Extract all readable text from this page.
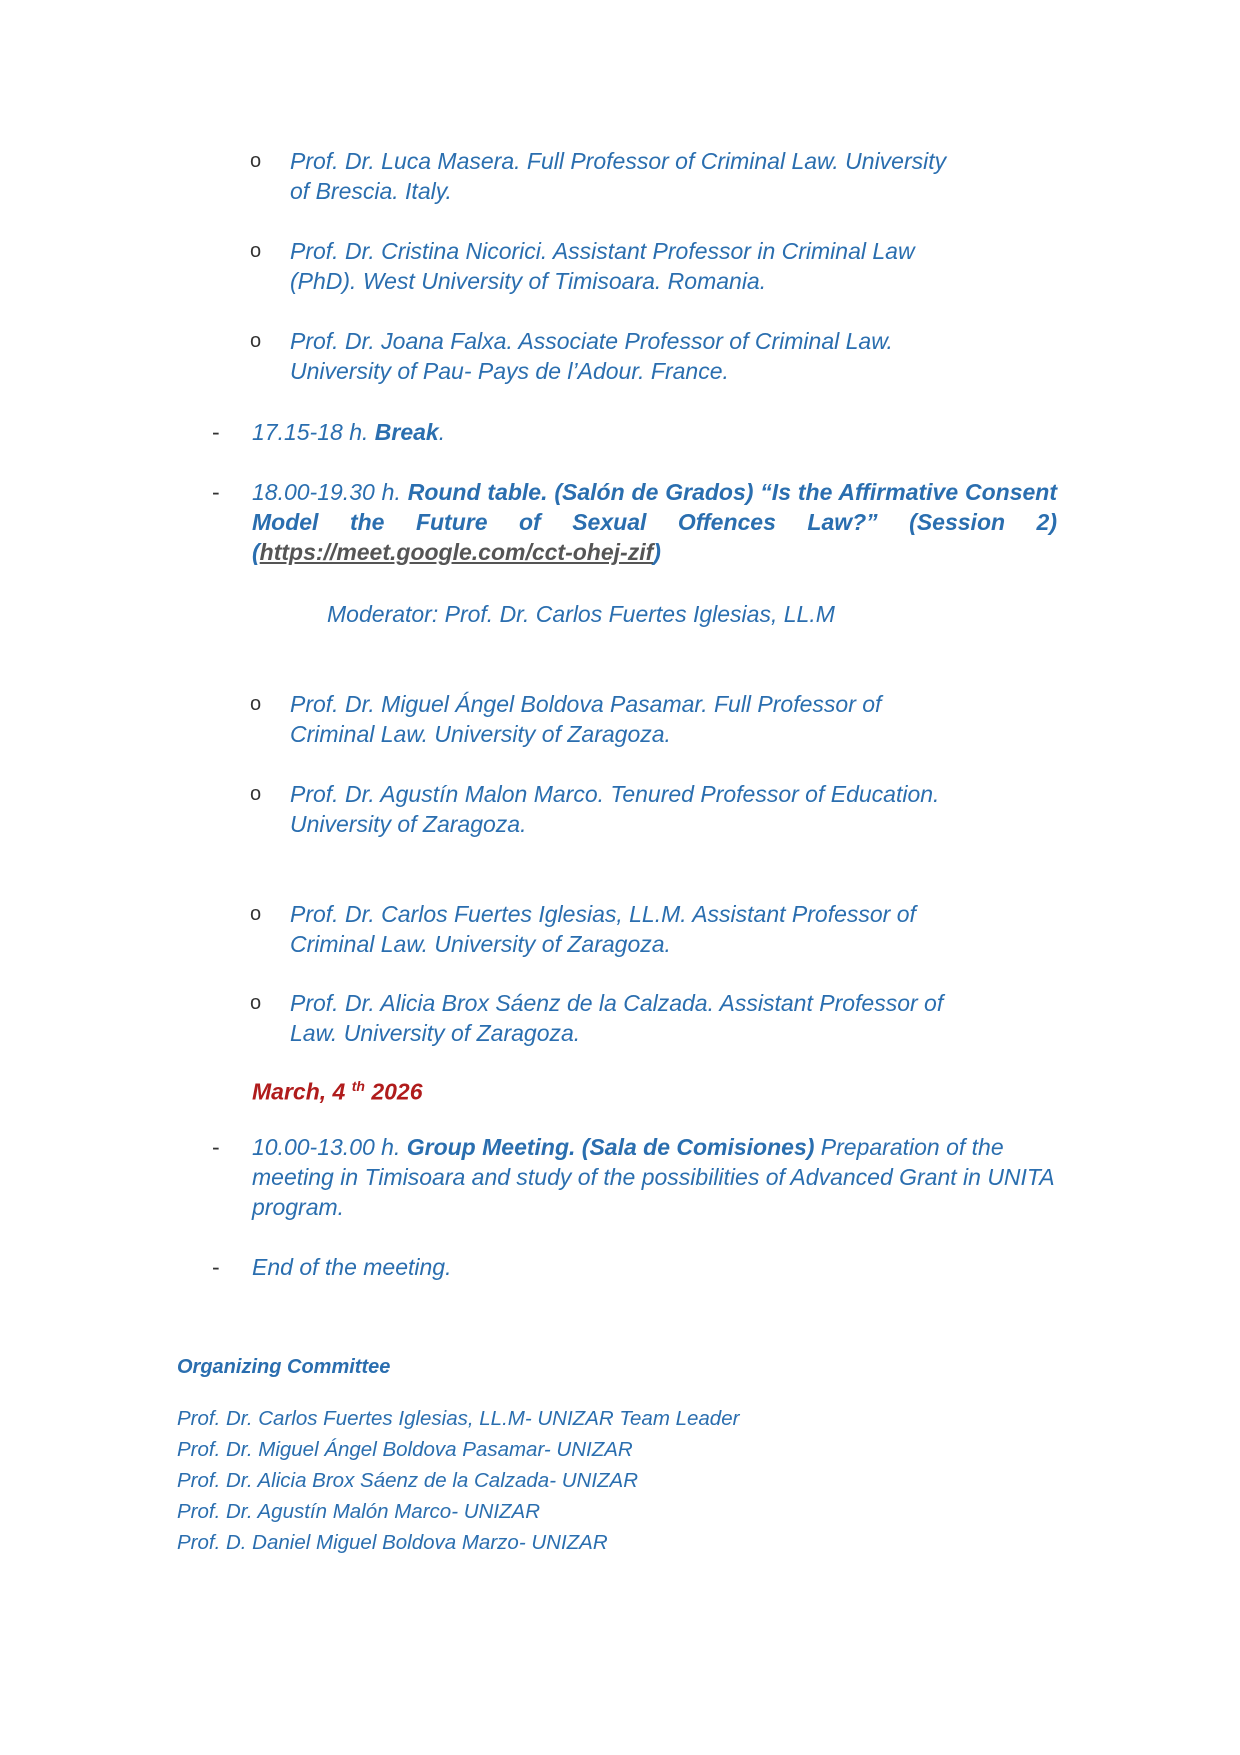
o Prof. Dr. Luca Masera. Full Professor of Criminal Law. University
of Brescia. Italy.
o Prof. Dr. Cristina Nicorici. Assistant Professor in Criminal Law
(PhD). West University of Timisoara. Romania.
o Prof. Dr. Joana Falxa. Associate Professor of Criminal Law.
University of Pau- Pays de l’Adour. France.
- 17.15-18 h. Break.
- 18.00-19.30 h. Round table. (Salón de Grados) “Is the Affirmative Consent Model the Future of Sexual Offences Law?” (Session 2) (https://meet.google.com/cct-ohej-zif)
Moderator: Prof. Dr. Carlos Fuertes Iglesias, LL.M
o Prof. Dr. Miguel Ángel Boldova Pasamar. Full Professor of
Criminal Law. University of Zaragoza.
o Prof. Dr. Agustín Malon Marco. Tenured Professor of Education.
University of Zaragoza.
o Prof. Dr. Carlos Fuertes Iglesias, LL.M. Assistant Professor of
Criminal Law. University of Zaragoza.
o Prof. Dr. Alicia Brox Sáenz de la Calzada. Assistant Professor of
Law. University of Zaragoza.
March, 4 $^{th}$ 2026
- 10.00-13.00 h. Group Meeting. (Sala de Comisiones) Preparation of the meeting in Timisoara and study of the possibilities of Advanced Grant in UNITA program.
- End of the meeting.
Organizing Committee
Prof. Dr. Carlos Fuertes Iglesias, LL.M- UNIZAR Team Leader
Prof. Dr. Miguel Ángel Boldova Pasamar- UNIZAR
Prof. Dr. Alicia Brox Sáenz de la Calzada- UNIZAR
Prof. Dr. Agustín Malón Marco- UNIZAR
Prof. D. Daniel Miguel Boldova Marzo- UNIZAR
